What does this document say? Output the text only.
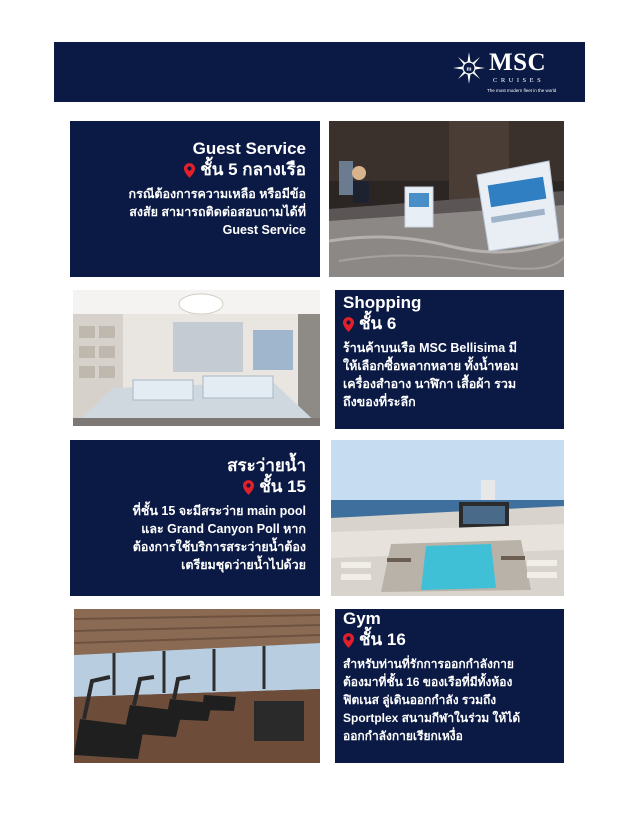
m MSC
CRUISES
The most modern fleet in the world
Guest Service
ชั้น 5 กลางเรือ
กรณีต้องการความเหลือ หรือมีข้อ
สงสัย สามารถติดต่อสอบถามได้ที่
Guest Service
Shopping
ชั้น 6
ร้านค้าบนเรือ MSC Bellisima มี
ให้เลือกซื้อหลากหลาย ทั้งน้ำหอม
เครื่องสำอาง นาฬิกา เสื้อผ้า รวม
ถึงของที่ระลึก
สระว่ายน้ำ
ชั้น 15
ที่ชั้น 15 จะมีสระว่าย main pool
และ Grand Canyon Poll หาก
ต้องการใช้บริการสระว่ายน้ำต้อง
เตรียมชุดว่ายน้ำไปด้วย
Gym
ชั้น 16
สำหรับท่านที่รักการออกกำลังกาย
ต้องมาที่ชั้น 16 ของเรือที่มีทั้งห้อง
ฟิตเนส ลู่เดินออกกำลัง รวมถึง
Sportplex สนามกีฬาในร่วม ให้ได้
ออกกำลังกายเรียกเหงื่อ
